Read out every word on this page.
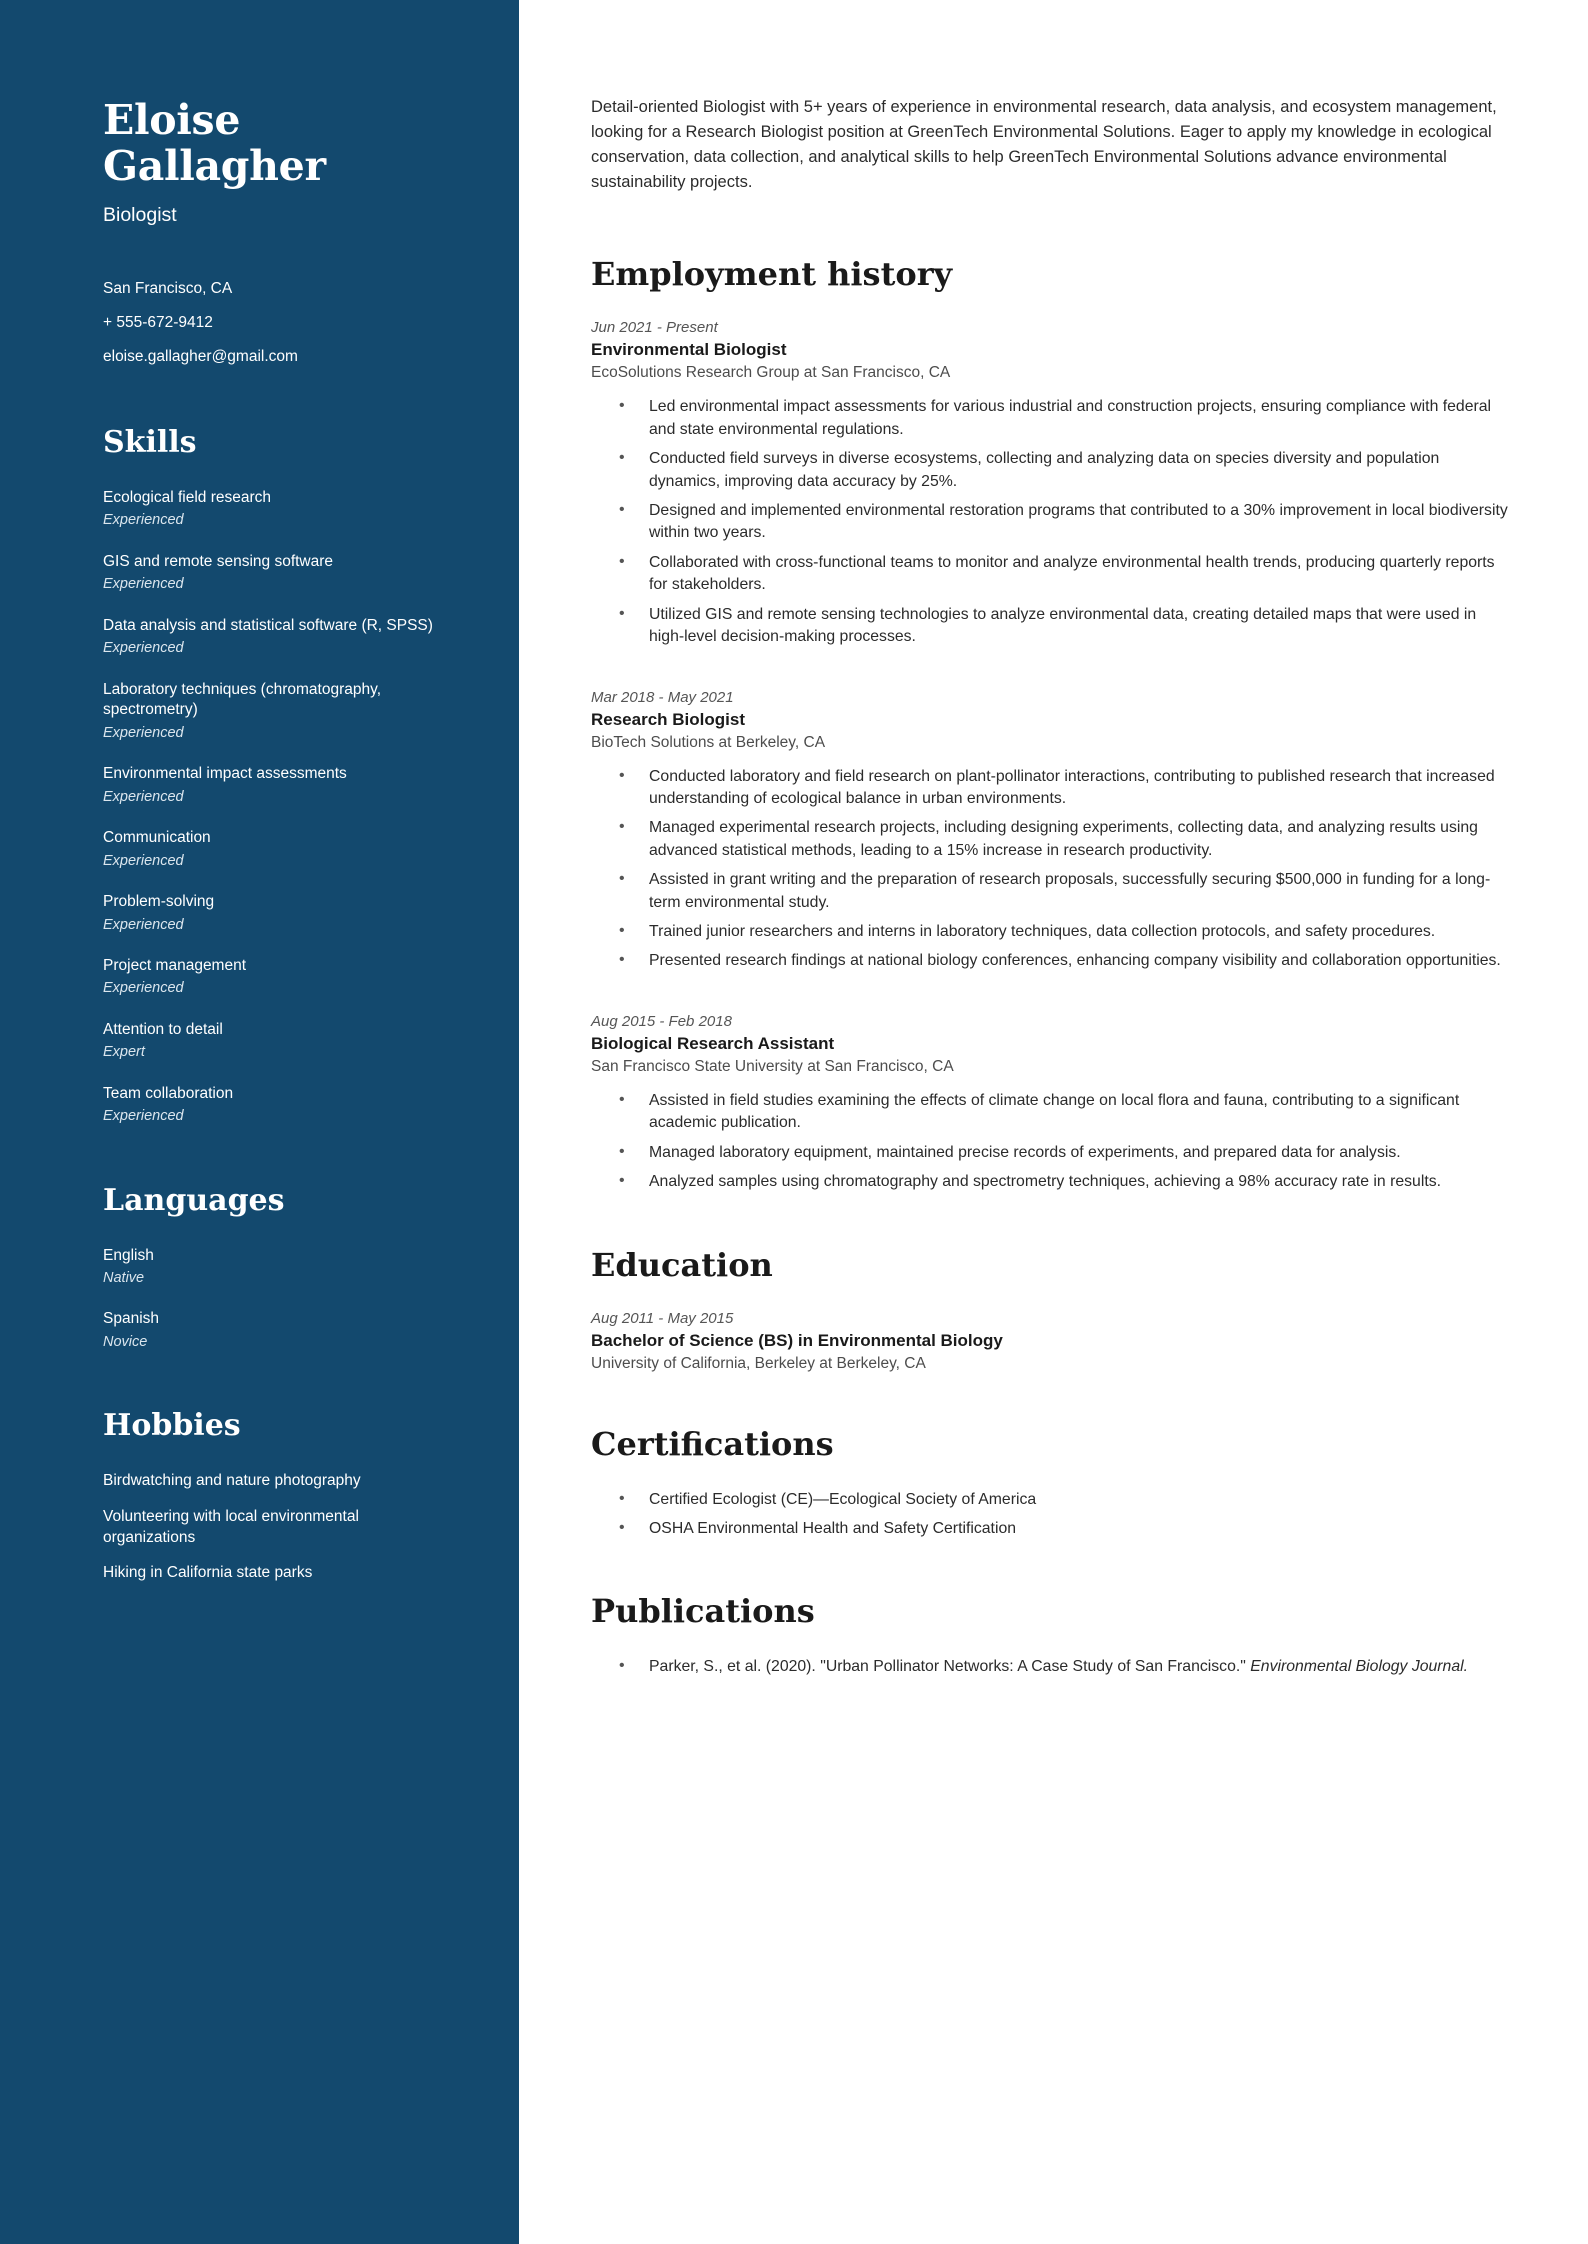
Eloise Gallagher
Biologist
San Francisco, CA
+ 555-672-9412
eloise.gallagher@gmail.com
Skills
Ecological field research
Experienced
GIS and remote sensing software
Experienced
Data analysis and statistical software (R, SPSS)
Experienced
Laboratory techniques (chromatography, spectrometry)
Experienced
Environmental impact assessments
Experienced
Communication
Experienced
Problem-solving
Experienced
Project management
Experienced
Attention to detail
Expert
Team collaboration
Experienced
Languages
English
Native
Spanish
Novice
Hobbies
Birdwatching and nature photography
Volunteering with local environmental organizations
Hiking in California state parks

Detail-oriented Biologist with 5+ years of experience in environmental research, data analysis, and ecosystem management, looking for a Research Biologist position at GreenTech Environmental Solutions. Eager to apply my knowledge in ecological conservation, data collection, and analytical skills to help GreenTech Environmental Solutions advance environmental sustainability projects.

Employment history
Jun 2021 - Present
Environmental Biologist
EcoSolutions Research Group at San Francisco, CA
• Led environmental impact assessments for various industrial and construction projects, ensuring compliance with federal and state environmental regulations.
• Conducted field surveys in diverse ecosystems, collecting and analyzing data on species diversity and population dynamics, improving data accuracy by 25%.
• Designed and implemented environmental restoration programs that contributed to a 30% improvement in local biodiversity within two years.
• Collaborated with cross-functional teams to monitor and analyze environmental health trends, producing quarterly reports for stakeholders.
• Utilized GIS and remote sensing technologies to analyze environmental data, creating detailed maps that were used in high-level decision-making processes.
Mar 2018 - May 2021
Research Biologist
BioTech Solutions at Berkeley, CA
• Conducted laboratory and field research on plant-pollinator interactions, contributing to published research that increased understanding of ecological balance in urban environments.
• Managed experimental research projects, including designing experiments, collecting data, and analyzing results using advanced statistical methods, leading to a 15% increase in research productivity.
• Assisted in grant writing and the preparation of research proposals, successfully securing $500,000 in funding for a long-term environmental study.
• Trained junior researchers and interns in laboratory techniques, data collection protocols, and safety procedures.
• Presented research findings at national biology conferences, enhancing company visibility and collaboration opportunities.
Aug 2015 - Feb 2018
Biological Research Assistant
San Francisco State University at San Francisco, CA
• Assisted in field studies examining the effects of climate change on local flora and fauna, contributing to a significant academic publication.
• Managed laboratory equipment, maintained precise records of experiments, and prepared data for analysis.
• Analyzed samples using chromatography and spectrometry techniques, achieving a 98% accuracy rate in results.
Education
Aug 2011 - May 2015
Bachelor of Science (BS) in Environmental Biology
University of California, Berkeley at Berkeley, CA
Certifications
• Certified Ecologist (CE)—Ecological Society of America
• OSHA Environmental Health and Safety Certification
Publications
• Parker, S., et al. (2020). "Urban Pollinator Networks: A Case Study of San Francisco." Environmental Biology Journal.
